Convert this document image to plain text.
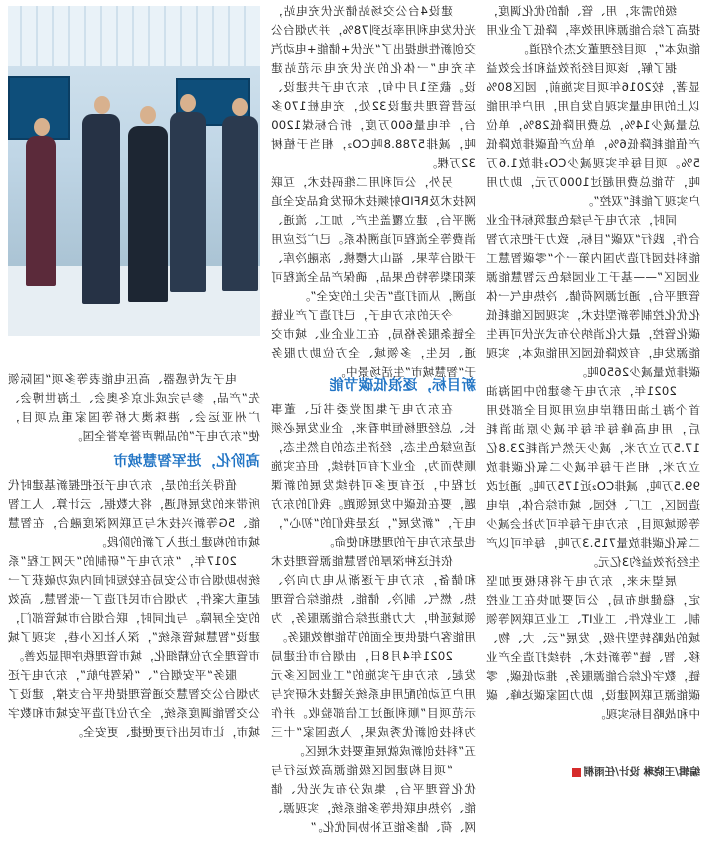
级的需求，用、管、储的优化调度，提高了综合能源利用效率，降低了企业用能成本”，项目经理董文杰介绍道。

据了解，该项目经济效益和社会效益显著，较2016年项目实施前，园区80%以上的用电量实现自发自用，用户年用能总量减少14%，总费用降低28%，单位产值能耗降低6%，单位产值碳排放降低5%。项目每年实现减少CO₂排放1.6万吨，节能总费用超过1000万元，助力用户实现了能耗“双控”。

同时，东方电子与绿色建筑标杆企业合作，践行“双碳”目标，致力于把东方智能科技园打造为国内第一个“零碳智慧工业园区”——基于工业园绿色云智慧能源管理平台，通过源网荷储、冷热电气一体化优化控制等新型技术，实现园区能耗低碳化管控，最大化消纳分布式光伏可再生能源发电，有效降低园区用能成本，实现碳排放量减少2650吨。

2021年，东方电子参建的中国海油首个海上油田群岸电应用项目全部投用后，用电高峰每年每年减少原油消耗17.5万立方米，减少天然气消耗23.8亿立方米，相当于每年减少二氧化碳排放99.5万吨，减排CO₂近175万吨。通过改造园区，工厂、校园、城市综合体，岸电等领域项目，东方电子每年可为社会减少二氧化碳排放量715.3万吨，每年可以产生经济效益约3亿元。

展望未来，东方电子将积极更加坚定，稳健地布局，公司要加快在工业控制、工业软件、工业IT、工业互联网等领域的战略转型升级，发展“云、大、物、移、智、链”等新技术，持续打造全产业链，数字化综合能源服务，推动低碳，零碳能源互联网建设，助力国家碳达峰、碳中和战略目标实现。

建设4台公交场站储光伏充电站，光伏发电利用率达到78%，并为烟台公交创新性地提出了“光伏+储能+电动汽车充电”一体化的光伏充电示范站建设。截至1月中旬，东方电子共建设、运营管理共建设32处，充电桩170多台，年电量600万度，折合标煤1200吨，减排5788.8吨CO₂，相当于植树32万棵。

另外，公司利用二维码技术，互联网技术及RFID射频技术研发食品安全追溯平台，建立覆盖生产、加工、流通、消费等全流程可追溯体系。已广泛应用于烟台苹果、福山大樱桃、冻融冷库、莱阳梨等特色果品，确保产品全流程可追溯，从而打造“舌尖上的安全”。

今天的东方电子，已打造了产业链全链条服务格局，在工业企业、城市交通、民生，多领域、全方位助力服务于“智慧城市”生活场景中。

新目标，逐浪低碳节能

在东方电子集团党委书记、董事长、总经理杨恒坤看来，企业发展必须适应绿色生态，经济生态的自然生态，顺势而为，企业才有可持续，但在实施过程中，还有更多可持续发展的新课题，要在低碳中发展领跑。我们的东方电子，“新发展”，这是我们的“初心”，也是东方电子的理想和使命。

依托这种深厚的智慧能源管理技术和储备，东方电子逐渐从电力向冷、热、燃气、制冷、储能、热能综合管理领域延伸，大力推进综合能源服务，为用能客户提供更全面的节能增效服务。

2021年4月8日，由烟台市住建局发起、东方电子实施的“工业园区多元用户互动的配用电系统关键技术研究与示范项目”顺利通过工信部验收。并作为科技创新优秀成果，入选国家“十三五”科技创新成就展重要技术展区。

“项目构建园区级能源高效运行与优化管理平台，集成分布式光伏、储能、冷热电联供等多能系统，实现源、网、荷、储多能互补协同优化。”

电子式传感器、高压电能表等多项“国际领先”产品，参与完成北京冬奥会、上海世博会、广州亚运会、港珠澳大桥等国家重点项目，使“东方电子”的品牌声誉享誉全国。

高阶化，进军智慧城市

值得关注的是，东方电子还把握新基建时代所带来的发展机遇，将大数据、云计算、人工智能、5G等新兴技术与互联网深度融合，在智慧城市的构建上进入了新的阶段。

2017年，“东方电子”研制的“天网工程”系统协助烟台市公安局在较短时间内成功破获了一起重大案件，为烟台市民打造了一张智慧、高效的安全屏障。与此同时，联合烟台市城管部门，建设“智慧城管系统”，深入社区小巷，实现了城市管理全方位精细化，城市管理秩序明显改善。

服务“平安烟台”、“保驾护航”，东方电子还为烟台公交智慧交通管理提供平台支撑，建设了公交智能调度系统，全方位打造平安城市和数字城市，让市民出行更便捷、更安全。

编辑/王晓琳 设计/任雨桐
